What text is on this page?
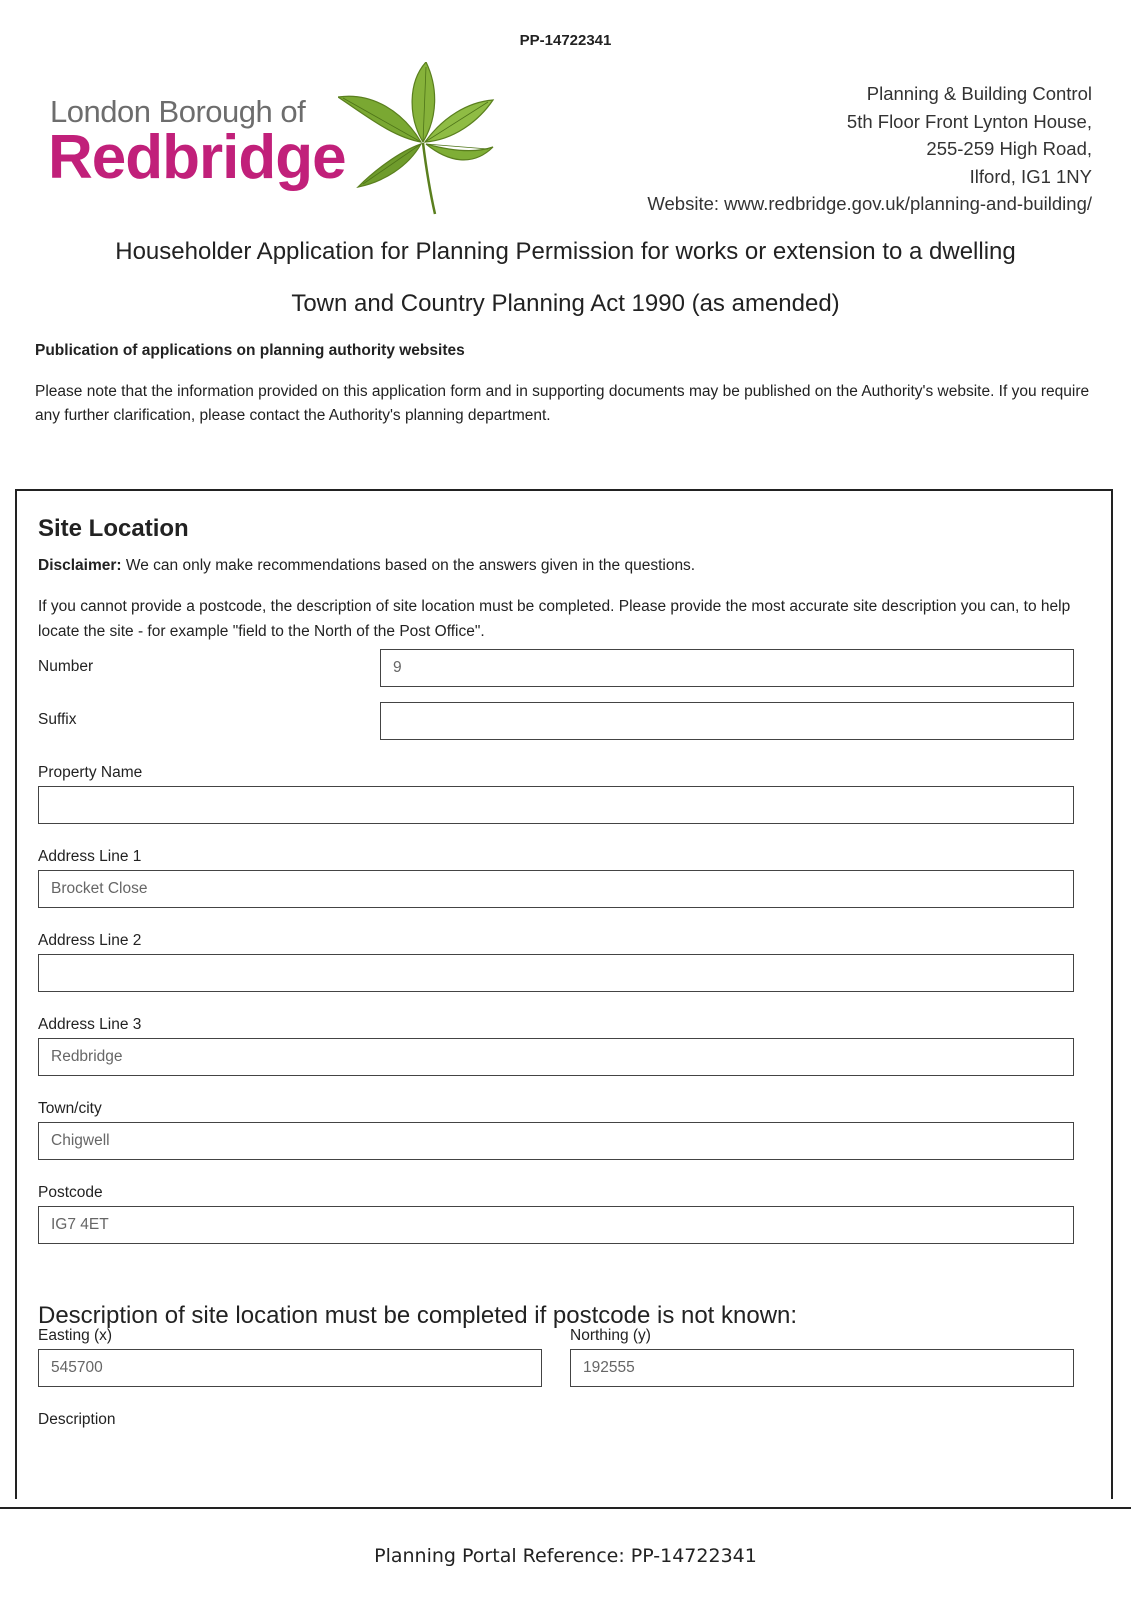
PP-14722341
London Borough of
Redbridge
Planning & Building Control
5th Floor Front Lynton House,
255-259 High Road,
Ilford, IG1 1NY
Website: www.redbridge.gov.uk/planning-and-building/
Householder Application for Planning Permission for works or extension to a dwelling
Town and Country Planning Act 1990 (as amended)
Publication of applications on planning authority websites
Please note that the information provided on this application form and in supporting documents may be published on the Authority's website. If you require any further clarification, please contact the Authority's planning department.
Site Location
Disclaimer: We can only make recommendations based on the answers given in the questions.
If you cannot provide a postcode, the description of site location must be completed. Please provide the most accurate site description you can, to help locate the site - for example "field to the North of the Post Office".
Number	9
Suffix
Property Name
Address Line 1
Brocket Close
Address Line 2
Address Line 3
Redbridge
Town/city
Chigwell
Postcode
IG7 4ET
Description of site location must be completed if postcode is not known:
Easting (x)
545700
Northing (y)
192555
Description
Planning Portal Reference: PP-14722341
